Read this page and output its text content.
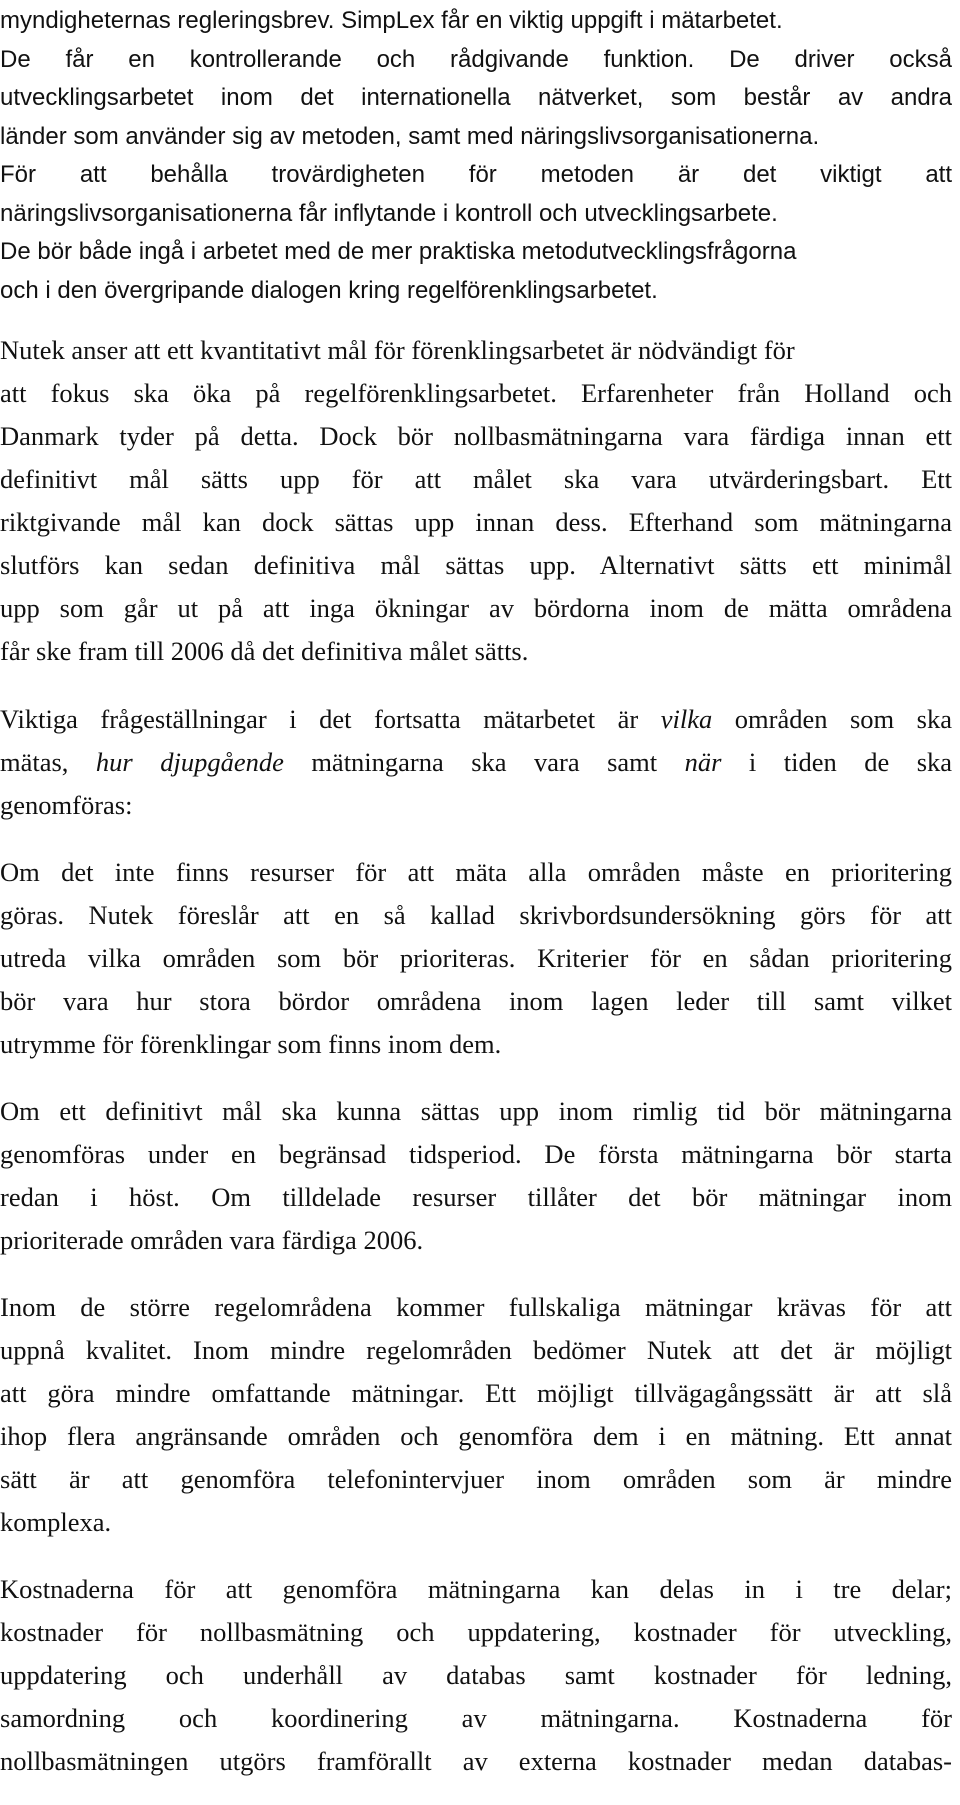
myndigheternas regleringsbrev. SimpLex får en viktig uppgift i mätarbetet.

De får en kontrollerande och rådgivande funktion. De driver också

utvecklingsarbetet inom det internationella nätverket, som består av andra

länder som använder sig av metoden, samt med näringslivsorganisationerna.

För att behålla trovärdigheten för metoden är det viktigt att

näringslivsorganisationerna får inflytande i kontroll och utvecklingsarbete.

De bör både ingå i arbetet med de mer praktiska metodutvecklingsfrågorna

och i den övergripande dialogen kring regelförenklingsarbetet.

Nutek anser att ett kvantitativt mål för förenklingsarbetet är nödvändigt för

att fokus ska öka på regelförenklingsarbetet. Erfarenheter från Holland och

Danmark tyder på detta. Dock bör nollbasmätningarna vara färdiga innan ett

definitivt mål sätts upp för att målet ska vara utvärderingsbart. Ett

riktgivande mål kan dock sättas upp innan dess. Efterhand som mätningarna

slutförs kan sedan definitiva mål sättas upp. Alternativt sätts ett minimål

upp som går ut på att inga ökningar av bördorna inom de mätta områdena

får ske fram till 2006 då det definitiva målet sätts.

Viktiga frågeställningar i det fortsatta mätarbetet är vilka områden som ska

mätas, hur djupgående mätningarna ska vara samt när i tiden de ska

genomföras:

Om det inte finns resurser för att mäta alla områden måste en prioritering

göras. Nutek föreslår att en så kallad skrivbordsundersökning görs för att

utreda vilka områden som bör prioriteras. Kriterier för en sådan prioritering

bör vara hur stora bördor områdena inom lagen leder till samt vilket

utrymme för förenklingar som finns inom dem.

Om ett definitivt mål ska kunna sättas upp inom rimlig tid bör mätningarna

genomföras under en begränsad tidsperiod. De första mätningarna bör starta

redan i höst. Om tilldelade resurser tillåter det bör mätningar inom

prioriterade områden vara färdiga 2006.

Inom de större regelområdena kommer fullskaliga mätningar krävas för att

uppnå kvalitet. Inom mindre regelområden bedömer Nutek att det är möjligt

att göra mindre omfattande mätningar. Ett möjligt tillvägagångssätt är att slå

ihop flera angränsande områden och genomföra dem i en mätning. Ett annat

sätt är att genomföra telefonintervjuer inom områden som är mindre

komplexa.

Kostnaderna för att genomföra mätningarna kan delas in i tre delar;

kostnader för nollbasmätning och uppdatering, kostnader för utveckling,

uppdatering och underhåll av databas samt kostnader för ledning,

samordning och koordinering av mätningarna. Kostnaderna för

nollbasmätningen utgörs framförallt av externa kostnader medan databas-
